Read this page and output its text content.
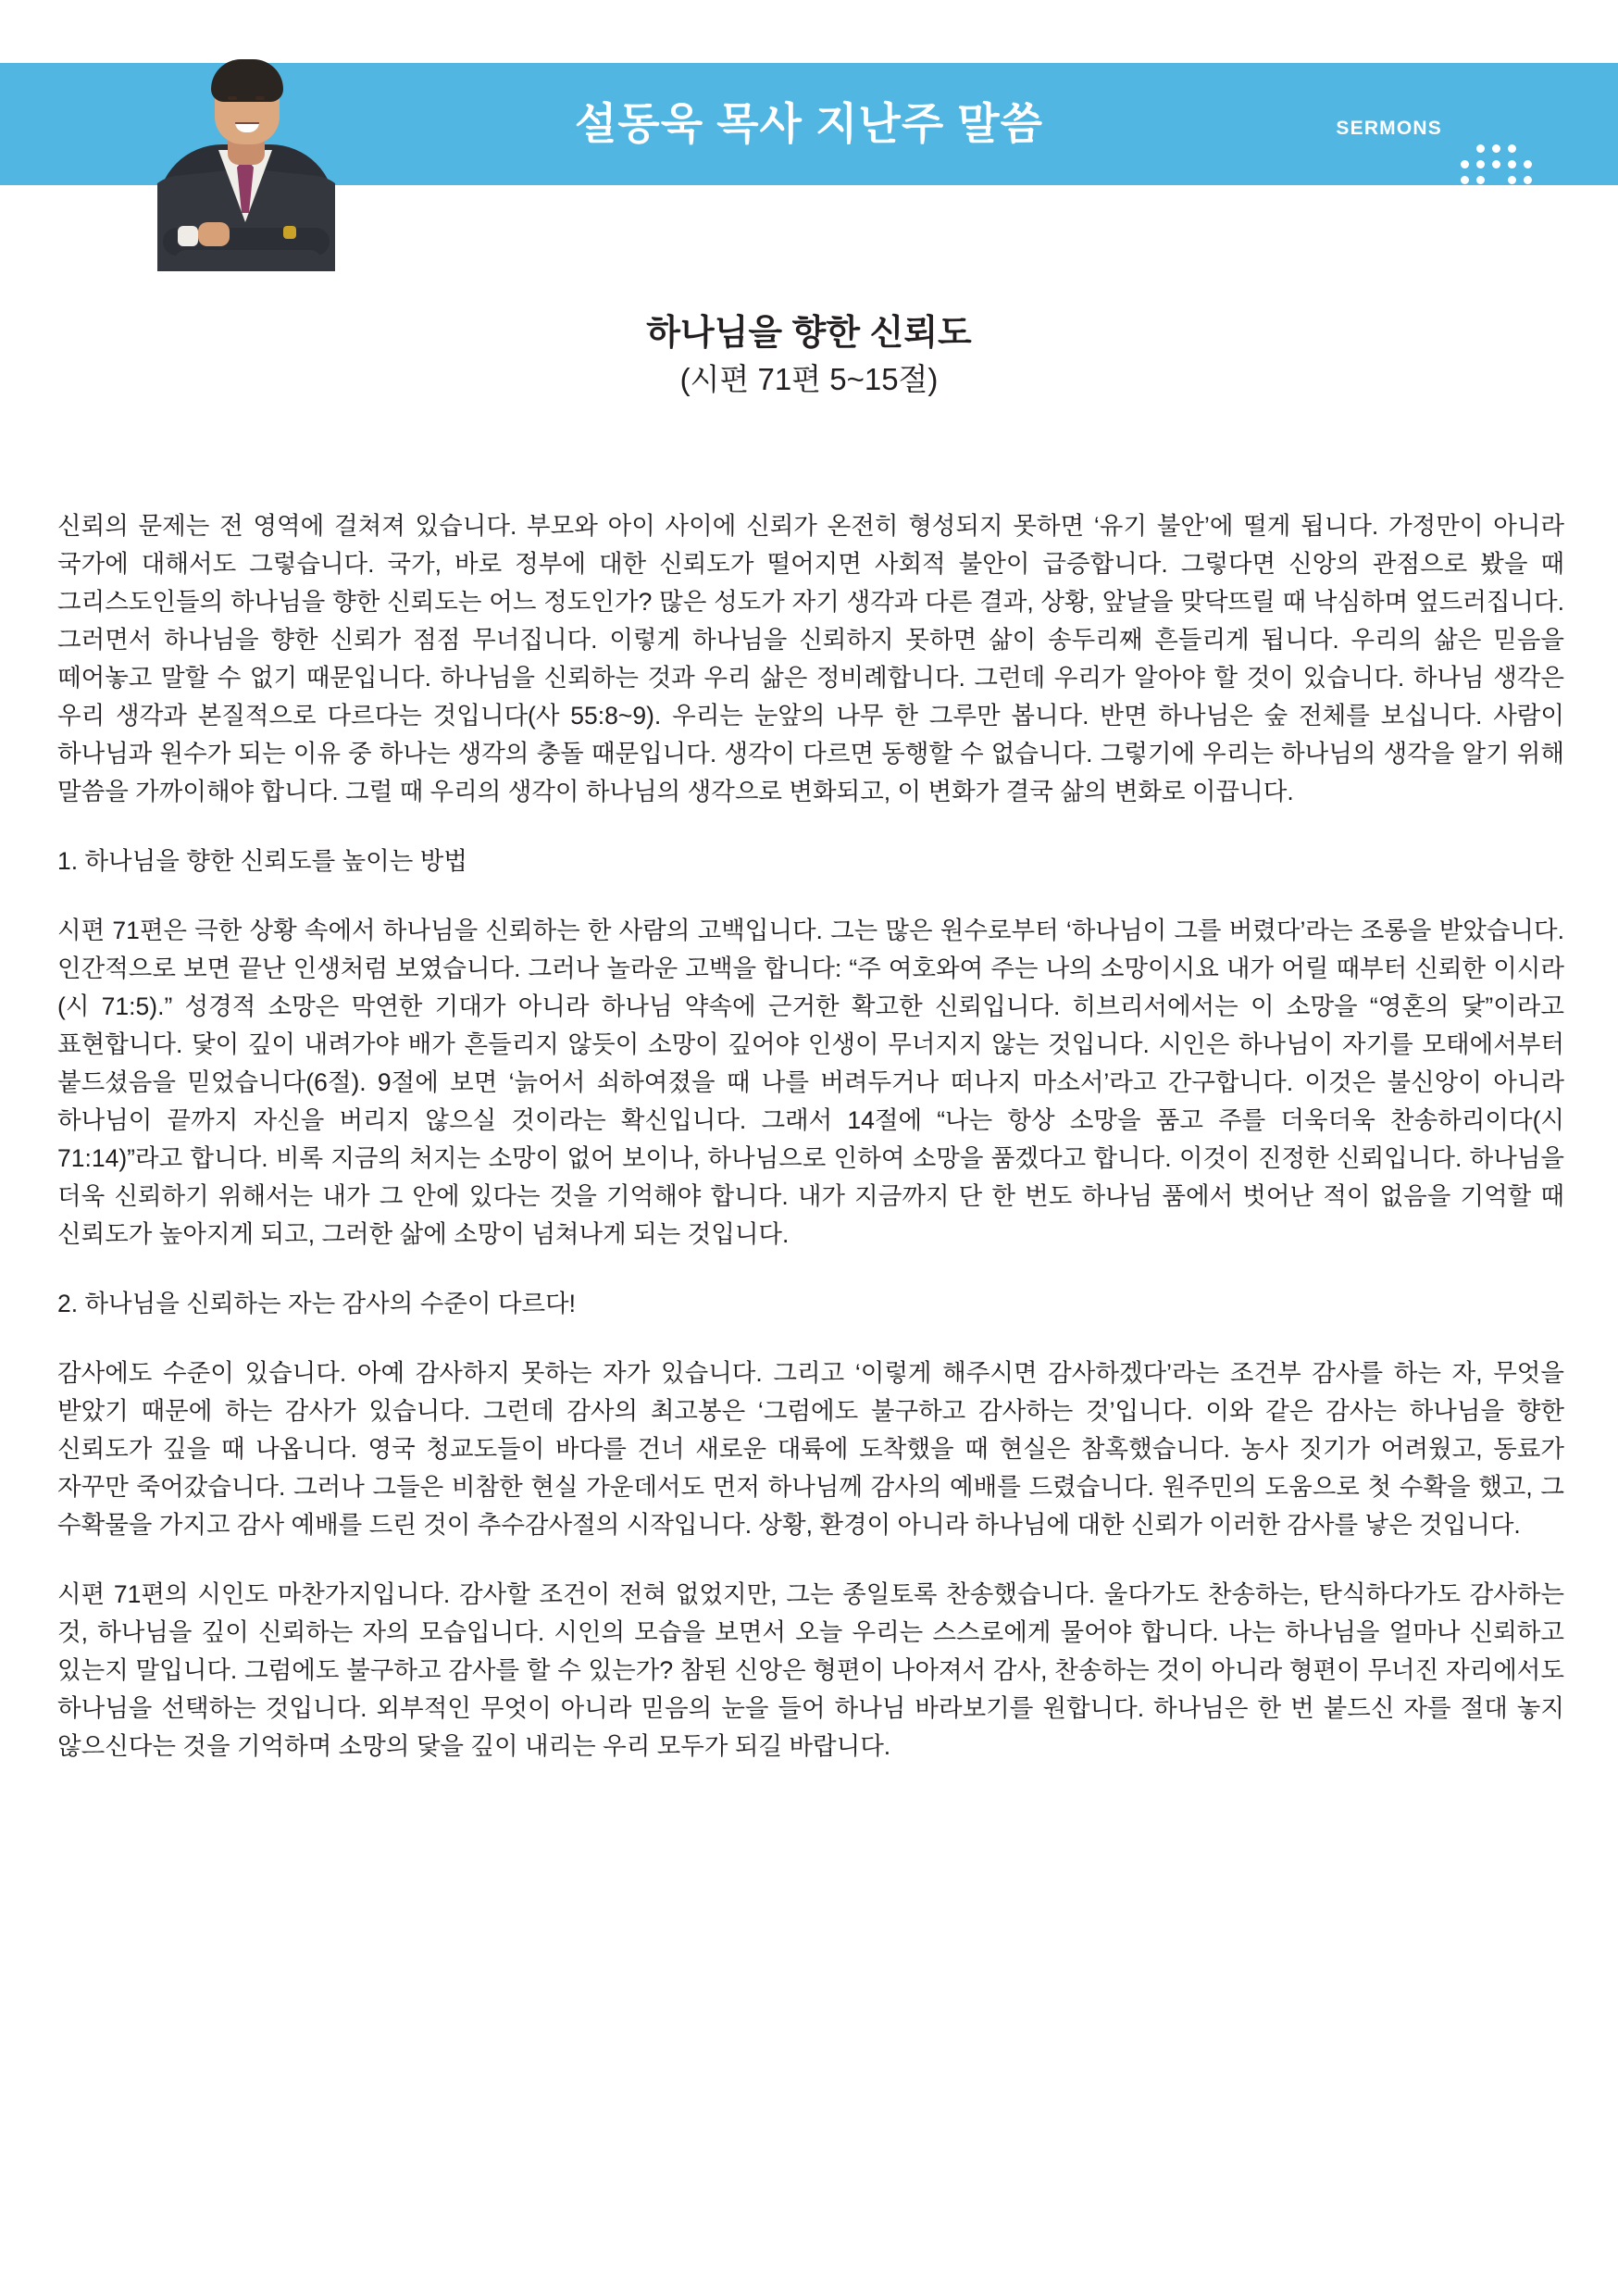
설동욱 목사 지난주 말씀	SERMONS
하나님을 향한 신뢰도
(시편 71편 5~15절)

신뢰의 문제는 전 영역에 걸쳐져 있습니다. 부모와 아이 사이에 신뢰가 온전히 형성되지 못하면 ‘유기 불안’에 떨게 됩니다. 가정만이 아니라 국가에 대해서도 그렇습니다. 국가, 바로 정부에 대한 신뢰도가 떨어지면 사회적 불안이 급증합니다. 그렇다면 신앙의 관점으로 봤을 때 그리스도인들의 하나님을 향한 신뢰도는 어느 정도인가? 많은 성도가 자기 생각과 다른 결과, 상황, 앞날을 맞닥뜨릴 때 낙심하며 엎드러집니다. 그러면서 하나님을 향한 신뢰가 점점 무너집니다. 이렇게 하나님을 신뢰하지 못하면 삶이 송두리째 흔들리게 됩니다. 우리의 삶은 믿음을 떼어놓고 말할 수 없기 때문입니다. 하나님을 신뢰하는 것과 우리 삶은 정비례합니다. 그런데 우리가 알아야 할 것이 있습니다. 하나님 생각은 우리 생각과 본질적으로 다르다는 것입니다(사 55:8~9). 우리는 눈앞의 나무 한 그루만 봅니다. 반면 하나님은 숲 전체를 보십니다. 사람이 하나님과 원수가 되는 이유 중 하나는 생각의 충돌 때문입니다. 생각이 다르면 동행할 수 없습니다. 그렇기에 우리는 하나님의 생각을 알기 위해 말씀을 가까이해야 합니다. 그럴 때 우리의 생각이 하나님의 생각으로 변화되고, 이 변화가 결국 삶의 변화로 이끕니다.

1. 하나님을 향한 신뢰도를 높이는 방법

시편 71편은 극한 상황 속에서 하나님을 신뢰하는 한 사람의 고백입니다. 그는 많은 원수로부터 ‘하나님이 그를 버렸다’라는 조롱을 받았습니다. 인간적으로 보면 끝난 인생처럼 보였습니다. 그러나 놀라운 고백을 합니다: “주 여호와여 주는 나의 소망이시요 내가 어릴 때부터 신뢰한 이시라(시 71:5).” 성경적 소망은 막연한 기대가 아니라 하나님 약속에 근거한 확고한 신뢰입니다. 히브리서에서는 이 소망을 “영혼의 닻”이라고 표현합니다. 닻이 깊이 내려가야 배가 흔들리지 않듯이 소망이 깊어야 인생이 무너지지 않는 것입니다. 시인은 하나님이 자기를 모태에서부터 붙드셨음을 믿었습니다(6절). 9절에 보면 ‘늙어서 쇠하여졌을 때 나를 버려두거나 떠나지 마소서’라고 간구합니다. 이것은 불신앙이 아니라 하나님이 끝까지 자신을 버리지 않으실 것이라는 확신입니다. 그래서 14절에 “나는 항상 소망을 품고 주를 더욱더욱 찬송하리이다(시 71:14)”라고 합니다. 비록 지금의 처지는 소망이 없어 보이나, 하나님으로 인하여 소망을 품겠다고 합니다. 이것이 진정한 신뢰입니다. 하나님을 더욱 신뢰하기 위해서는 내가 그 안에 있다는 것을 기억해야 합니다. 내가 지금까지 단 한 번도 하나님 품에서 벗어난 적이 없음을 기억할 때 신뢰도가 높아지게 되고, 그러한 삶에 소망이 넘쳐나게 되는 것입니다.

2. 하나님을 신뢰하는 자는 감사의 수준이 다르다!

감사에도 수준이 있습니다. 아예 감사하지 못하는 자가 있습니다. 그리고 ‘이렇게 해주시면 감사하겠다’라는 조건부 감사를 하는 자, 무엇을 받았기 때문에 하는 감사가 있습니다. 그런데 감사의 최고봉은 ‘그럼에도 불구하고 감사하는 것’입니다. 이와 같은 감사는 하나님을 향한 신뢰도가 깊을 때 나옵니다. 영국 청교도들이 바다를 건너 새로운 대륙에 도착했을 때 현실은 참혹했습니다. 농사 짓기가 어려웠고, 동료가 자꾸만 죽어갔습니다. 그러나 그들은 비참한 현실 가운데서도 먼저 하나님께 감사의 예배를 드렸습니다. 원주민의 도움으로 첫 수확을 했고, 그 수확물을 가지고 감사 예배를 드린 것이 추수감사절의 시작입니다. 상황, 환경이 아니라 하나님에 대한 신뢰가 이러한 감사를 낳은 것입니다.

시편 71편의 시인도 마찬가지입니다. 감사할 조건이 전혀 없었지만, 그는 종일토록 찬송했습니다. 울다가도 찬송하는, 탄식하다가도 감사하는 것, 하나님을 깊이 신뢰하는 자의 모습입니다. 시인의 모습을 보면서 오늘 우리는 스스로에게 물어야 합니다. 나는 하나님을 얼마나 신뢰하고 있는지 말입니다. 그럼에도 불구하고 감사를 할 수 있는가? 참된 신앙은 형편이 나아져서 감사, 찬송하는 것이 아니라 형편이 무너진 자리에서도 하나님을 선택하는 것입니다. 외부적인 무엇이 아니라 믿음의 눈을 들어 하나님 바라보기를 원합니다. 하나님은 한 번 붙드신 자를 절대 놓지 않으신다는 것을 기억하며 소망의 닻을 깊이 내리는 우리 모두가 되길 바랍니다.
